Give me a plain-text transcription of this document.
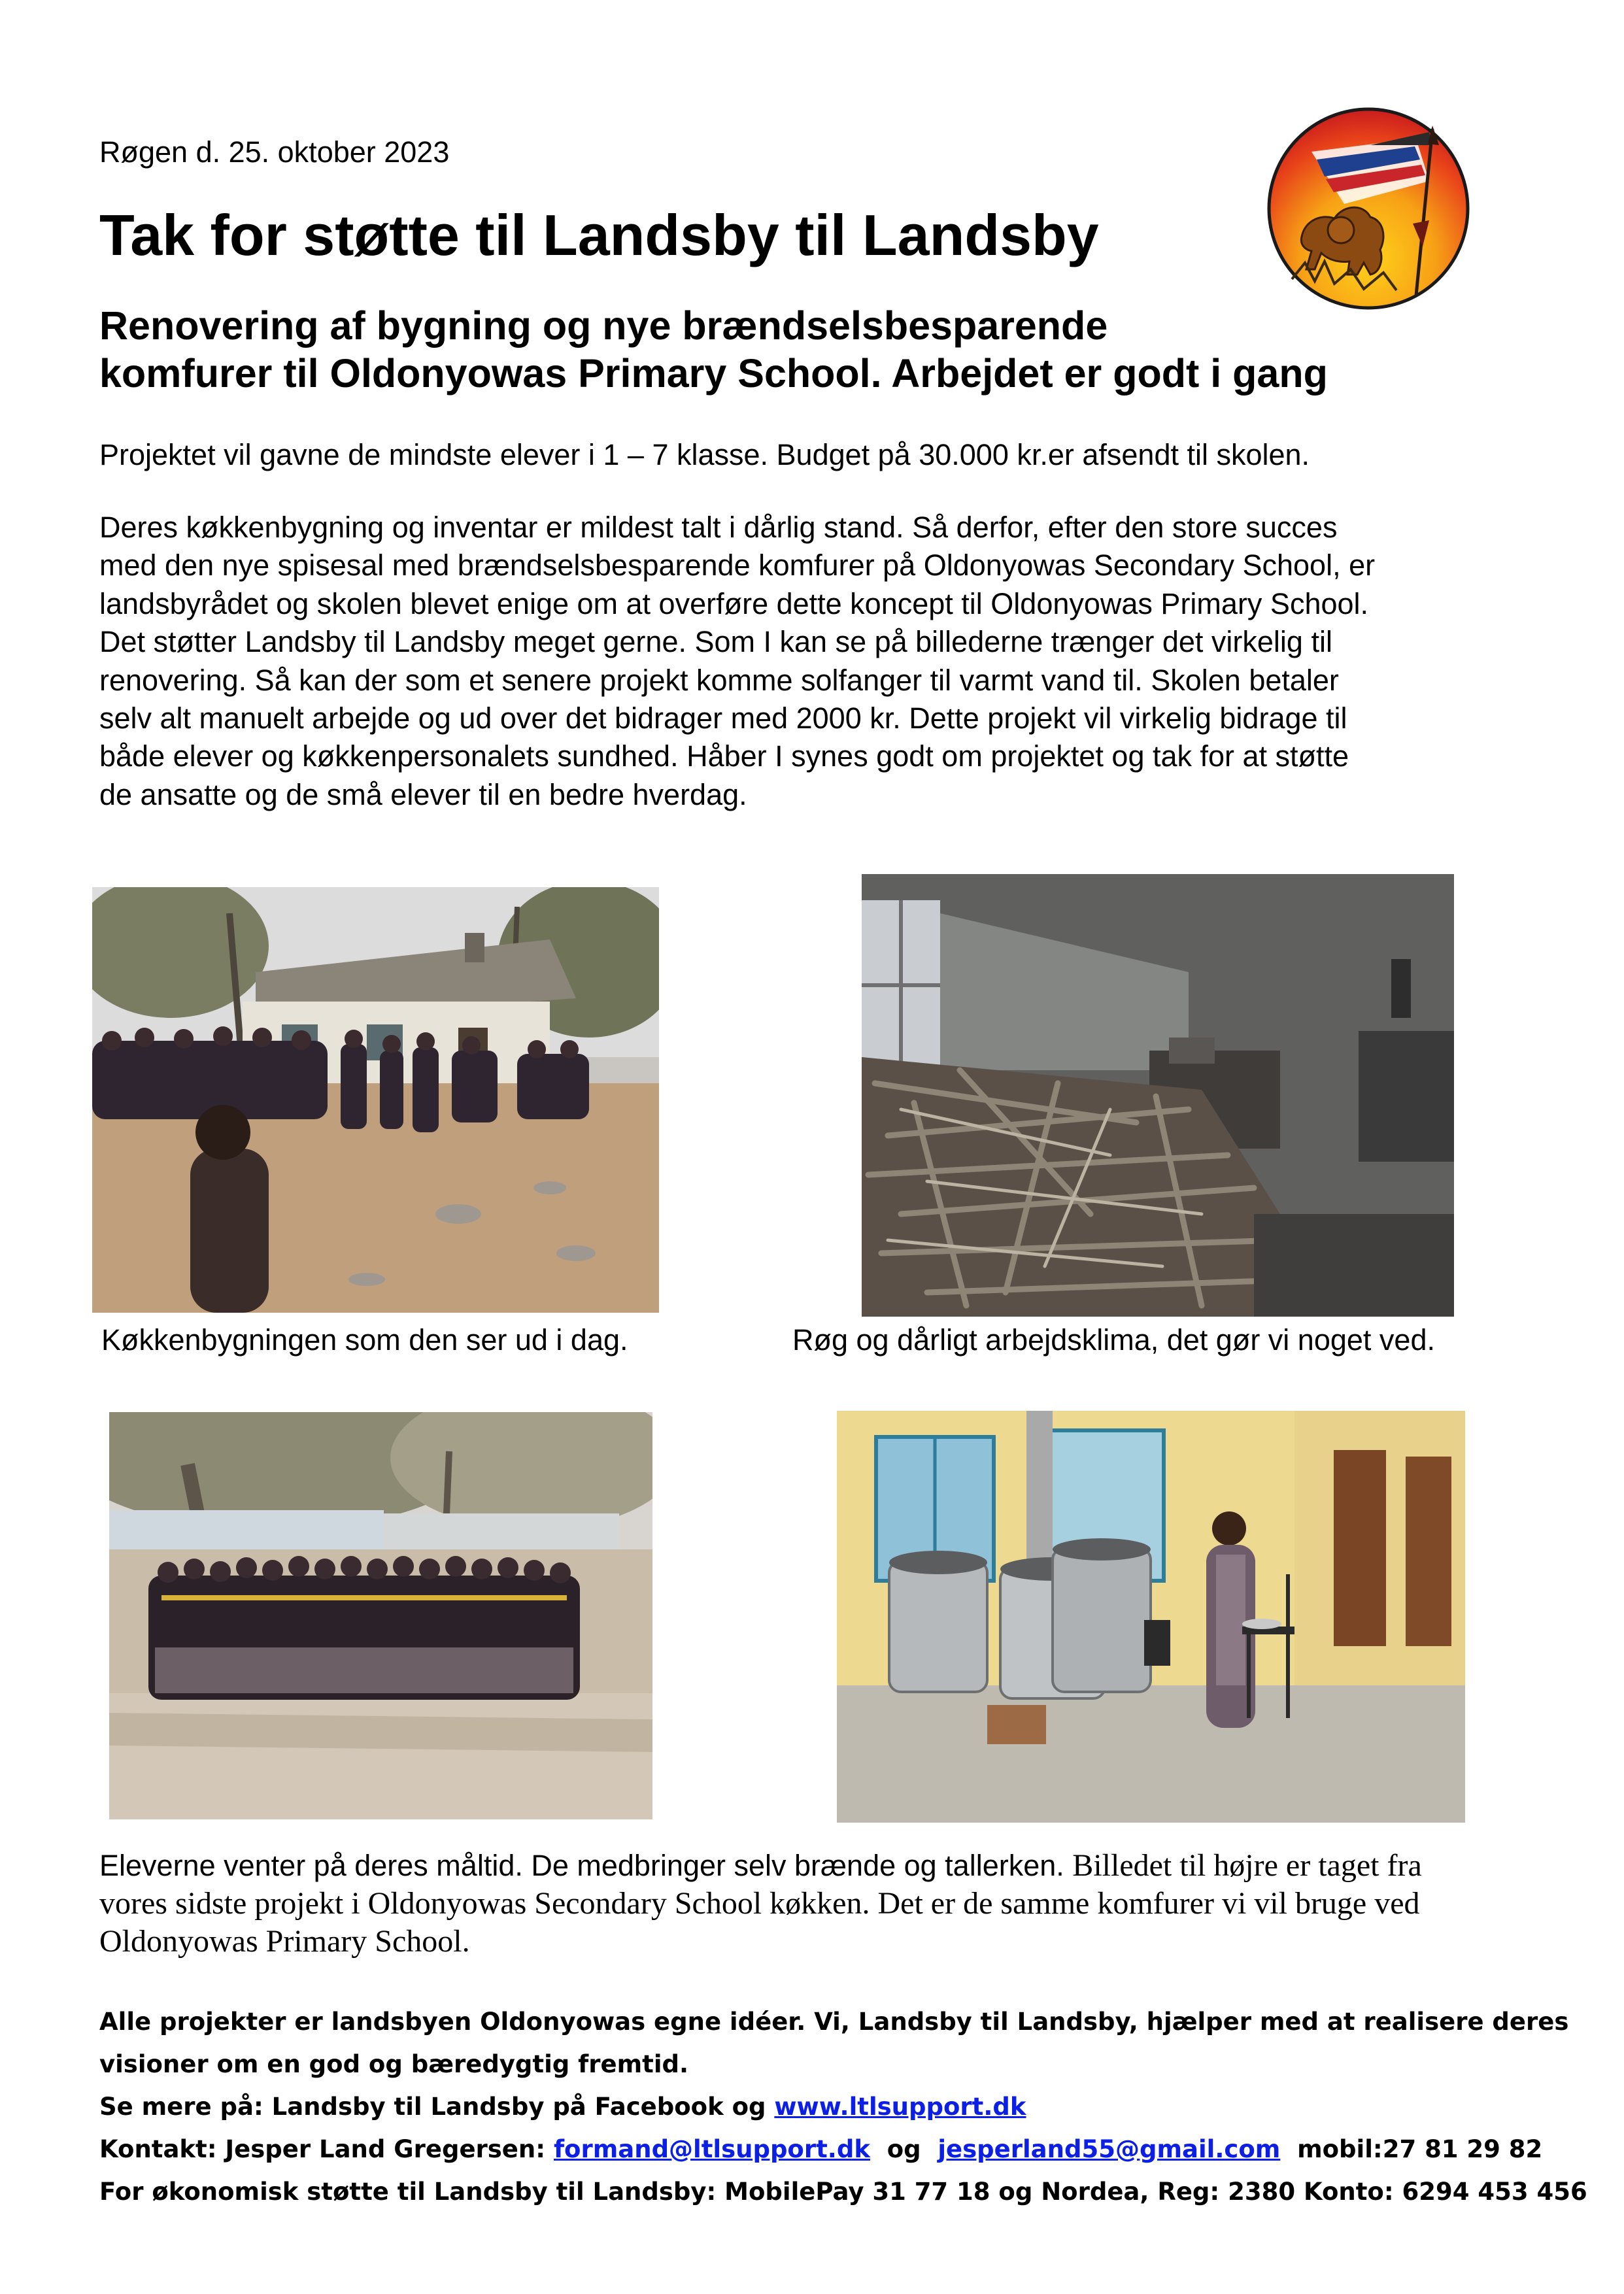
Røgen d. 25. oktober 2023
Tak for støtte til Landsby til Landsby
Renovering af bygning og nye brændselsbesparende
komfurer til Oldonyowas Primary School. Arbejdet er godt i gang
Projektet vil gavne de mindste elever i 1 – 7 klasse. Budget på 30.000 kr.er afsendt til skolen.
Deres køkkenbygning og inventar er mildest talt i dårlig stand. Så derfor, efter den store succes
med den nye spisesal med brændselsbesparende komfurer på Oldonyowas Secondary School, er
landsbyrådet og skolen blevet enige om at overføre dette koncept til Oldonyowas Primary School.
Det støtter Landsby til Landsby meget gerne. Som I kan se på billederne trænger det virkelig til
renovering. Så kan der som et senere projekt komme solfanger til varmt vand til. Skolen betaler
selv alt manuelt arbejde og ud over det bidrager med 2000 kr. Dette projekt vil virkelig bidrage til
både elever og køkkenpersonalets sundhed. Håber I synes godt om projektet og tak for at støtte
de ansatte og de små elever til en bedre hverdag.
Køkkenbygningen som den ser ud i dag.	Røg og dårligt arbejdsklima, det gør vi noget ved.
Eleverne venter på deres måltid. De medbringer selv brænde og tallerken. Billedet til højre er taget fra
vores sidste projekt i Oldonyowas Secondary School køkken. Det er de samme komfurer vi vil bruge ved
Oldonyowas Primary School.
Alle projekter er landsbyen Oldonyowas egne idéer. Vi, Landsby til Landsby, hjælper med at realisere deres
visioner om en god og bæredygtig fremtid.
Se mere på: Landsby til Landsby på Facebook og www.ltlsupport.dk
Kontakt: Jesper Land Gregersen: formand@ltlsupport.dk  og  jesperland55@gmail.com  mobil:27 81 29 82
For økonomisk støtte til Landsby til Landsby: MobilePay 31 77 18 og Nordea, Reg: 2380 Konto: 6294 453 456
